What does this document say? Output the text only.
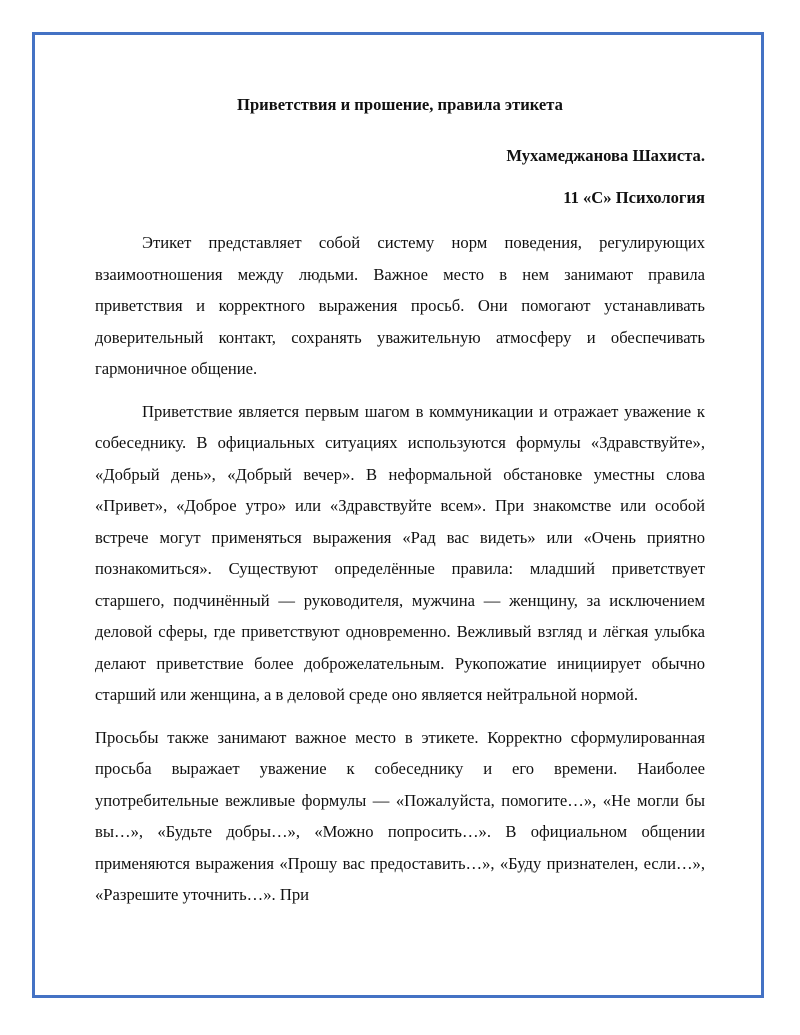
Приветствия и прошение, правила этикета

Мухамеджанова Шахиста.

11 «С» Психология

Этикет представляет собой систему норм поведения, регулирующих взаимоотношения между людьми. Важное место в нем занимают правила приветствия и корректного выражения просьб. Они помогают устанавливать доверительный контакт, сохранять уважительную атмосферу и обеспечивать гармоничное общение.

Приветствие является первым шагом в коммуникации и отражает уважение к собеседнику. В официальных ситуациях используются формулы «Здравствуйте», «Добрый день», «Добрый вечер». В неформальной обстановке уместны слова «Привет», «Доброе утро» или «Здравствуйте всем». При знакомстве или особой встрече могут применяться выражения «Рад вас видеть» или «Очень приятно познакомиться». Существуют определённые правила: младший приветствует старшего, подчинённый — руководителя, мужчина — женщину, за исключением деловой сферы, где приветствуют одновременно. Вежливый взгляд и лёгкая улыбка делают приветствие более доброжелательным. Рукопожатие инициирует обычно старший или женщина, а в деловой среде оно является нейтральной нормой.

Просьбы также занимают важное место в этикете. Корректно сформулированная просьба выражает уважение к собеседнику и его времени. Наиболее употребительные вежливые формулы — «Пожалуйста, помогите…», «Не могли бы вы…», «Будьте добры…», «Можно попросить…». В официальном общении применяются выражения «Прошу вас предоставить…», «Буду признателен, если…», «Разрешите уточнить…». При
